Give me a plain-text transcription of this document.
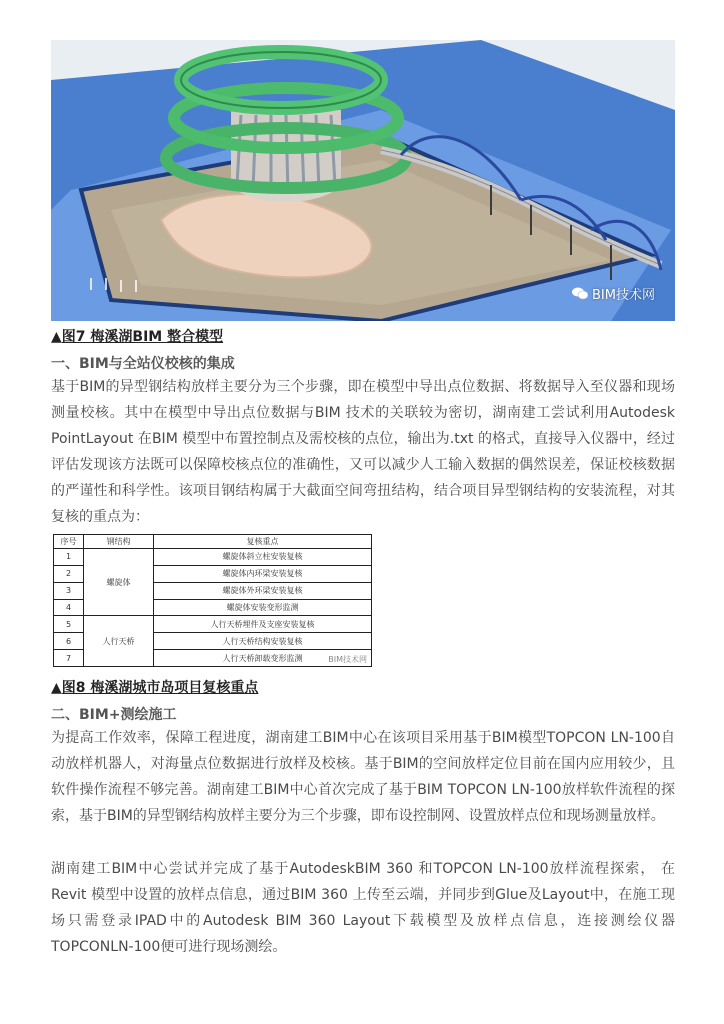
BIM技术网
▲图7 梅溪湖BIM 整合模型
一、BIM与全站仪校核的集成

基于BIM的异型钢结构放样主要分为三个步骤，即在模型中导出点位数据、将数据导入至仪器和现场测量校核。其中在模型中导出点位数据与BIM 技术的关联较为密切，湖南建工尝试利用Autodesk PointLayout 在BIM 模型中布置控制点及需校核的点位，输出为.txt 的格式，直接导入仪器中，经过评估发现该方法既可以保障校核点位的准确性，又可以减少人工输入数据的偶然误差，保证校核数据的严谨性和科学性。该项目钢结构属于大截面空间弯扭结构，结合项目异型钢结构的安装流程，对其复核的重点为：

序号	钢结构	复核重点
1	螺旋体	螺旋体斜立柱安装复核
2		螺旋体内环梁安装复核
3		螺旋体外环梁安装复核
4		螺旋体安装变形监测
5	人行天桥	人行天桥埋件及支座安装复核
6		人行天桥结构安装复核
7		人行天桥卸载变形监测	BIM技术网
▲图8 梅溪湖城市岛项目复核重点
二、BIM+测绘施工

为提高工作效率，保障工程进度，湖南建工BIM中心在该项目采用基于BIM模型TOPCON LN-100自动放样机器人，对海量点位数据进行放样及校核。基于BIM的空间放样定位目前在国内应用较少，且软件操作流程不够完善。湖南建工BIM中心首次完成了基于BIM TOPCON LN-100放样软件流程的探索，基于BIM的异型钢结构放样主要分为三个步骤，即布设控制网、设置放样点位和现场测量放样。

湖南建工BIM中心尝试并完成了基于AutodeskBIM 360 和TOPCON LN-100放样流程探索， 在Revit 模型中设置的放样点信息，通过BIM 360 上传至云端，并同步到Glue及Layout中，在施工现场只需登录IPAD中的Autodesk BIM 360 Layout下载模型及放样点信息，连接测绘仪器TOPCONLN-100便可进行现场测绘。
